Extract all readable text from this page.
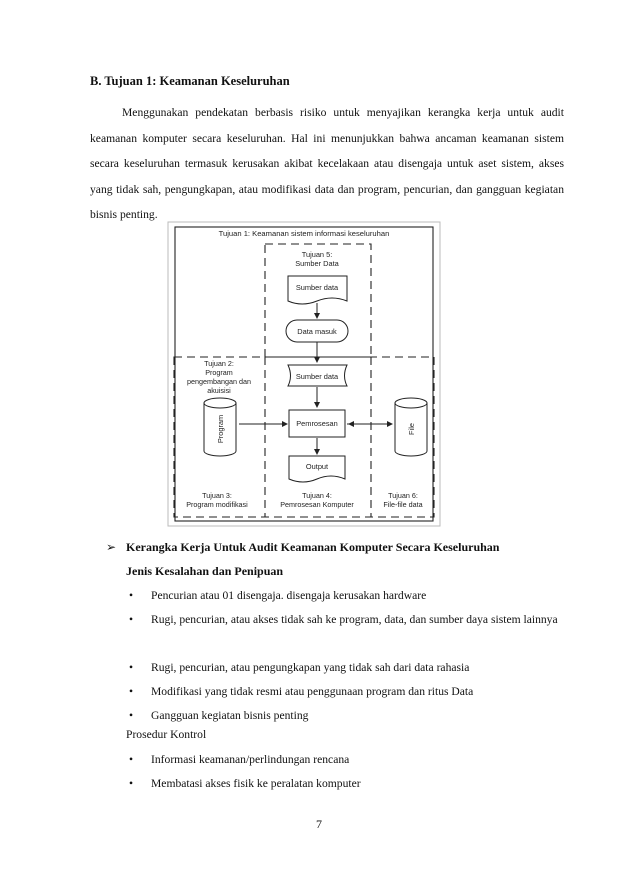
B. Tujuan 1: Keamanan Keseluruhan
Menggunakan pendekatan berbasis risiko untuk menyajikan kerangka kerja untuk audit keamanan komputer secara keseluruhan. Hal ini menunjukkan bahwa ancaman keamanan sistem secara keseluruhan termasuk kerusakan akibat kecelakaan atau disengaja untuk aset sistem, akses yang tidak sah, pengungkapan, atau modifikasi data dan program, pencurian, dan gangguan kegiatan bisnis penting.
Tujuan 1: Keamanan sistem informasi keseluruhan
Tujuan 5:
Sumber Data
Sumber data
Data masuk
Sumber data
Pemrosesan
Output
Tujuan 2:
Program
pengembangan dan
akuisisi
Program	File
Tujuan 3:
Program modifikasi
Tujuan 4:
Pemrosesan Komputer
Tujuan 6:
File-file data
➢ Kerangka Kerja Untuk Audit Keamanan Komputer Secara Keseluruhan
Jenis Kesalahan dan Penipuan
• Pencurian atau 01 disengaja. disengaja kerusakan hardware
• Rugi, pencurian, atau akses tidak sah ke program, data, dan sumber daya sistem lainnya
• Rugi, pencurian, atau pengungkapan yang tidak sah dari data rahasia
• Modifikasi yang tidak resmi atau penggunaan program dan ritus Data
• Gangguan kegiatan bisnis penting
Prosedur Kontrol
• Informasi keamanan/perlindungan rencana
• Membatasi akses fisik ke peralatan komputer
7
